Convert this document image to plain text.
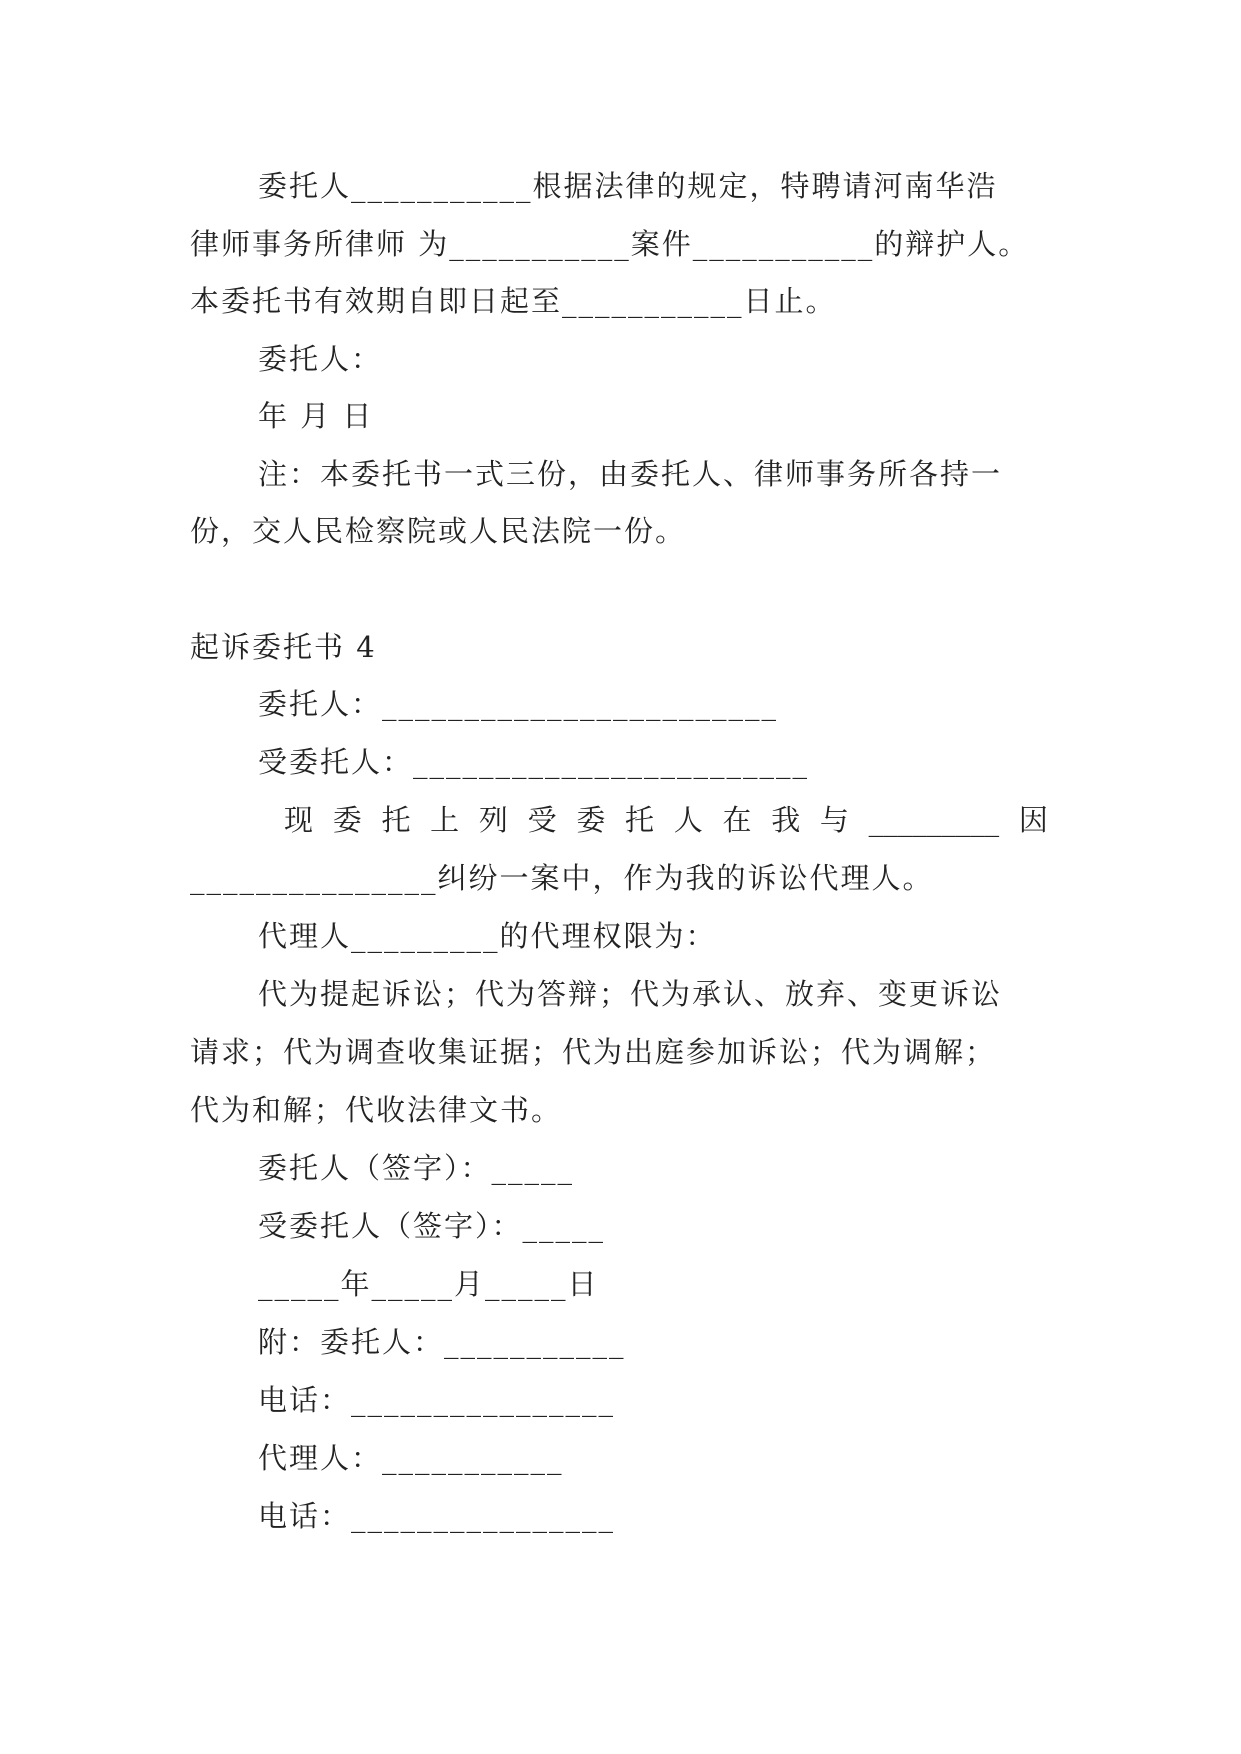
委托人___________根据法律的规定，特聘请河南华浩
律师事务所律师 为___________案件___________的辩护人。
本委托书有效期自即日起至___________日止。
委托人：
年 月 日
注：本委托书一式三份，由委托人、律师事务所各持一
份，交人民检察院或人民法院一份。
起诉委托书 4
委托人：________________________
受委托人：________________________
现 委 托 上 列 受 委 托 人 在 我 与 _________ 因
_______________纠纷一案中，作为我的诉讼代理人。
代理人_________的代理权限为：
代为提起诉讼；代为答辩；代为承认、放弃、变更诉讼
请求；代为调查收集证据；代为出庭参加诉讼；代为调解；
代为和解；代收法律文书。
委托人（签字）：_____
受委托人（签字）：_____
_____年_____月_____日
附：委托人：___________
电话：________________
代理人：___________
电话：________________
